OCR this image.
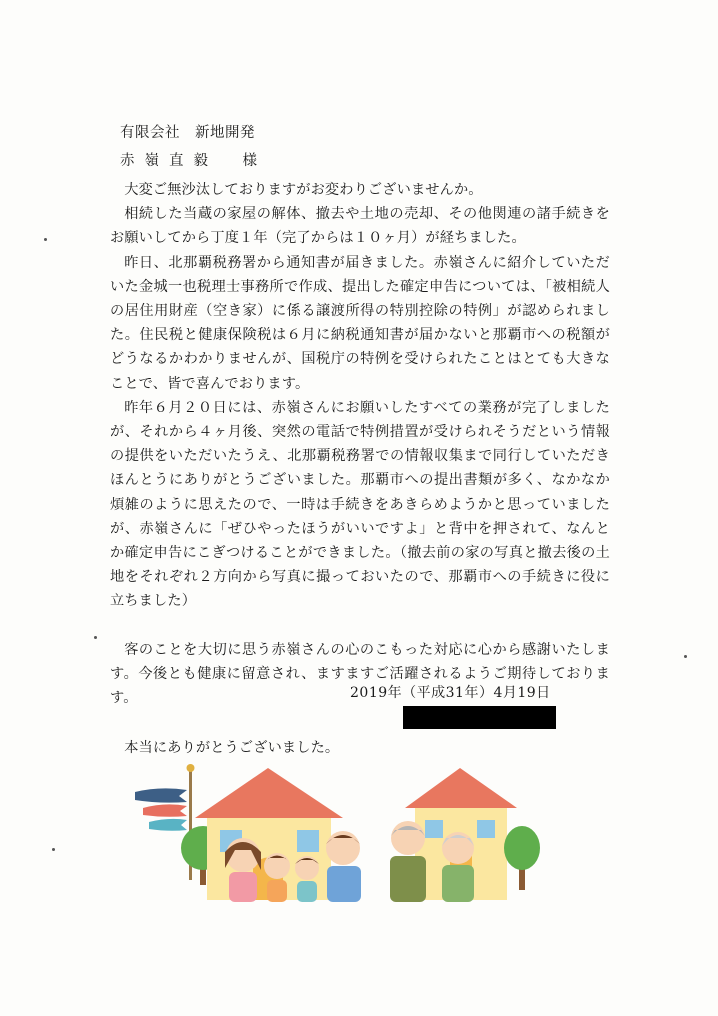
有限会社　新地開発
赤嶺直毅　様

大変ご無沙汰しておりますがお変わりございませんか。

相続した当蔵の家屋の解体、撤去や土地の売却、その他関連の諸手続きをお願いしてから丁度１年（完了からは１０ヶ月）が経ちました。

昨日、北那覇税務署から通知書が届きました。赤嶺さんに紹介していただいた金城一也税理士事務所で作成、提出した確定申告については、「被相続人の居住用財産（空き家）に係る譲渡所得の特別控除の特例」が認められました。住民税と健康保険税は６月に納税通知書が届かないと那覇市への税額がどうなるかわかりませんが、国税庁の特例を受けられたことはとても大きなことで、皆で喜んでおります。

昨年６月２０日には、赤嶺さんにお願いしたすべての業務が完了しましたが、それから４ヶ月後、突然の電話で特例措置が受けられそうだという情報の提供をいただいたうえ、北那覇税務署での情報収集まで同行していただきほんとうにありがとうございました。那覇市への提出書類が多く、なかなか煩雑のように思えたので、一時は手続きをあきらめようかと思っていましたが、赤嶺さんに「ぜひやったほうがいいですよ」と背中を押されて、なんとか確定申告にこぎつけることができました。（撤去前の家の写真と撤去後の土地をそれぞれ２方向から写真に撮っておいたので、那覇市への手続きに役に立ちました）

客のことを大切に思う赤嶺さんの心のこもった対応に心から感謝いたします。今後とも健康に留意され、ますますご活躍されるようご期待しております。

本当にありがとうございました。

2019年（平成31年）4月19日
